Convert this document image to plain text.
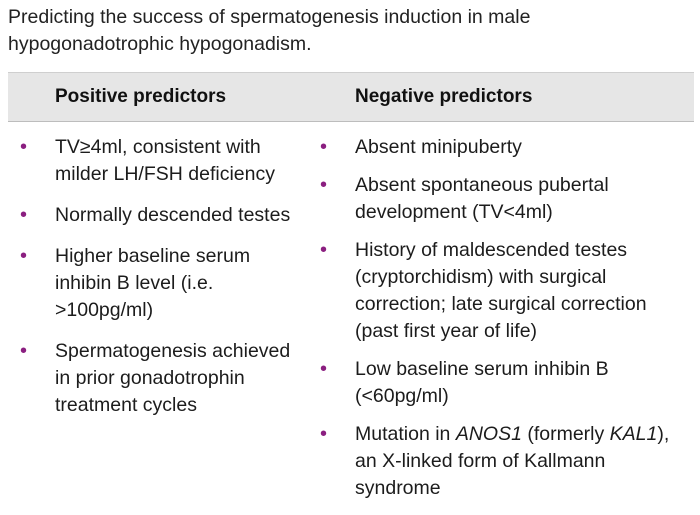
Predicting the success of spermatogenesis induction in male hypogonadotrophic hypogonadism.
Positive predictors	Negative predictors
• TV≥4ml, consistent with milder LH/FSH deficiency
• Normally descended testes
• Higher baseline serum inhibin B level (i.e. >100pg/ml)
• Spermatogenesis achieved in prior gonadotrophin treatment cycles
• Absent minipuberty
• Absent spontaneous pubertal development (TV<4ml)
• History of maldescended testes (cryptorchidism) with surgical correction; late surgical correction (past first year of life)
• Low baseline serum inhibin B (<60pg/ml)
• Mutation in ANOS1 (formerly KAL1), an X-linked form of Kallmann syndrome
